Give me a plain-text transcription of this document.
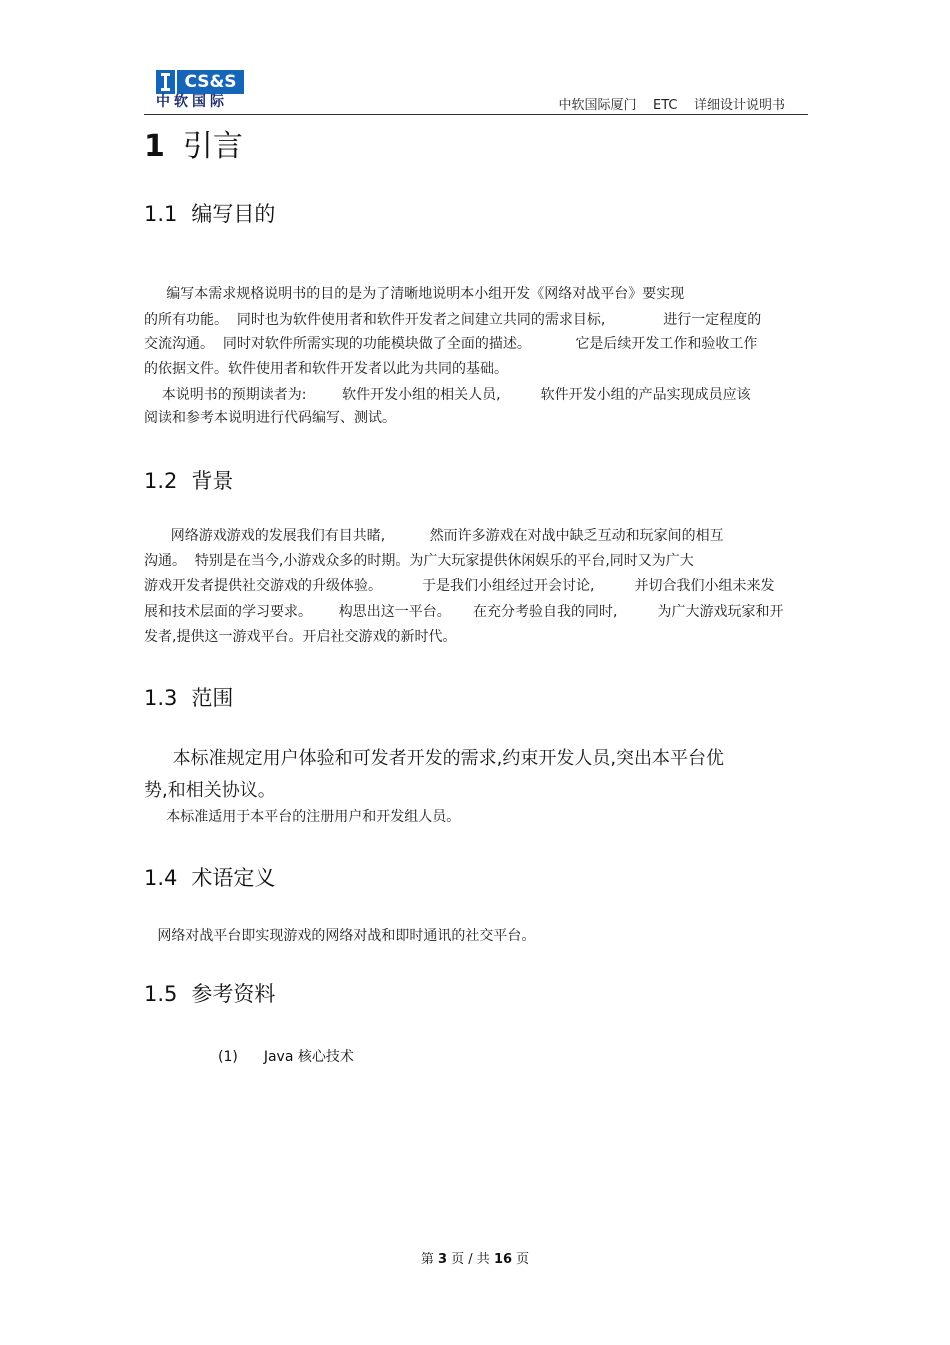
CS&S
中软国际	中软国际厦门    ETC    详细设计说明书
1 引言
1.1 编写目的
编写本需求规格说明书的目的是为了清晰地说明本小组开发《网络对战平台》要实现
的所有功能。  同时也为软件使用者和软件开发者之间建立共同的需求目标,             进行一定程度的
交流沟通。  同时对软件所需实现的功能模块做了全面的描述。          它是后续开发工作和验收工作
的依据文件。软件使用者和软件开发者以此为共同的基础。
本说明书的预期读者为:        软件开发小组的相关人员,         软件开发小组的产品实现成员应该
阅读和参考本说明进行代码编写、测试。
1.2 背景
网络游戏游戏的发展我们有目共睹,          然而许多游戏在对战中缺乏互动和玩家间的相互
沟通。  特别是在当今,小游戏众多的时期。为广大玩家提供休闲娱乐的平台,同时又为广大
游戏开发者提供社交游戏的升级体验。         于是我们小组经过开会讨论,         并切合我们小组未来发
展和技术层面的学习要求。      构思出这一平台。     在充分考验自我的同时,         为广大游戏玩家和开
发者,提供这一游戏平台。开启社交游戏的新时代。
1.3 范围
本标准规定用户体验和可发者开发的需求,约束开发人员,突出本平台优
势,和相关协议。
本标准适用于本平台的注册用户和开发组人员。
1.4 术语定义
网络对战平台即实现游戏的网络对战和即时通讯的社交平台。
1.5 参考资料
(1) Java 核心技术
第 3 页 / 共 16 页
